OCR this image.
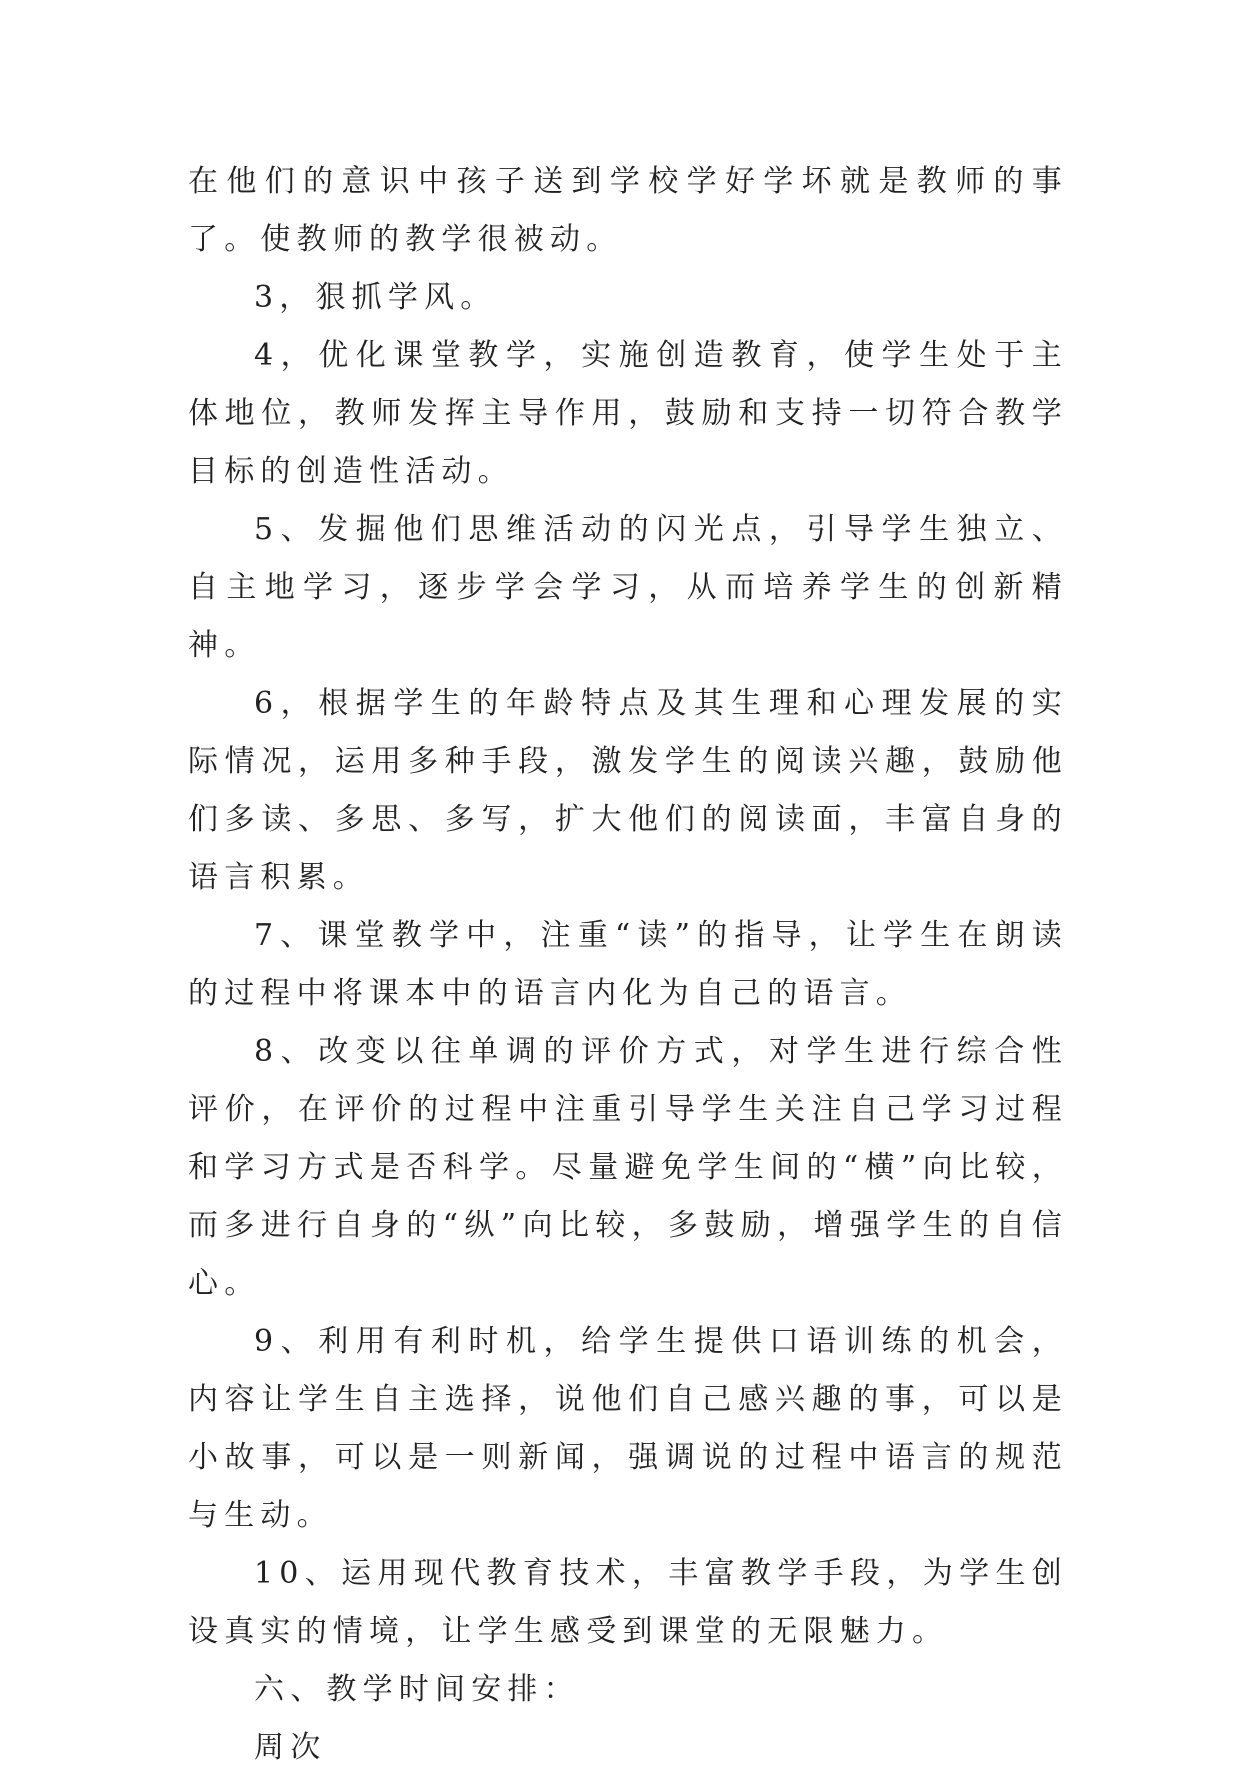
在他们的意识中孩子送到学校学好学坏就是教师的事了。使教师的教学很被动。

3，狠抓学风。

4，优化课堂教学，实施创造教育，使学生处于主体地位，教师发挥主导作用，鼓励和支持一切符合教学目标的创造性活动。

5、发掘他们思维活动的闪光点，引导学生独立、自主地学习，逐步学会学习，从而培养学生的创新精神。

6，根据学生的年龄特点及其生理和心理发展的实际情况，运用多种手段，激发学生的阅读兴趣，鼓励他们多读、多思、多写，扩大他们的阅读面，丰富自身的语言积累。

7、课堂教学中，注重“读”的指导，让学生在朗读的过程中将课本中的语言内化为自己的语言。

8、改变以往单调的评价方式，对学生进行综合性评价，在评价的过程中注重引导学生关注自己学习过程和学习方式是否科学。尽量避免学生间的“横”向比较，而多进行自身的“纵”向比较，多鼓励，增强学生的自信心。

9、利用有利时机，给学生提供口语训练的机会，内容让学生自主选择，说他们自己感兴趣的事，可以是小故事，可以是一则新闻，强调说的过程中语言的规范与生动。

10、运用现代教育技术，丰富教学手段，为学生创设真实的情境，让学生感受到课堂的无限魅力。

六、教学时间安排：

周次
